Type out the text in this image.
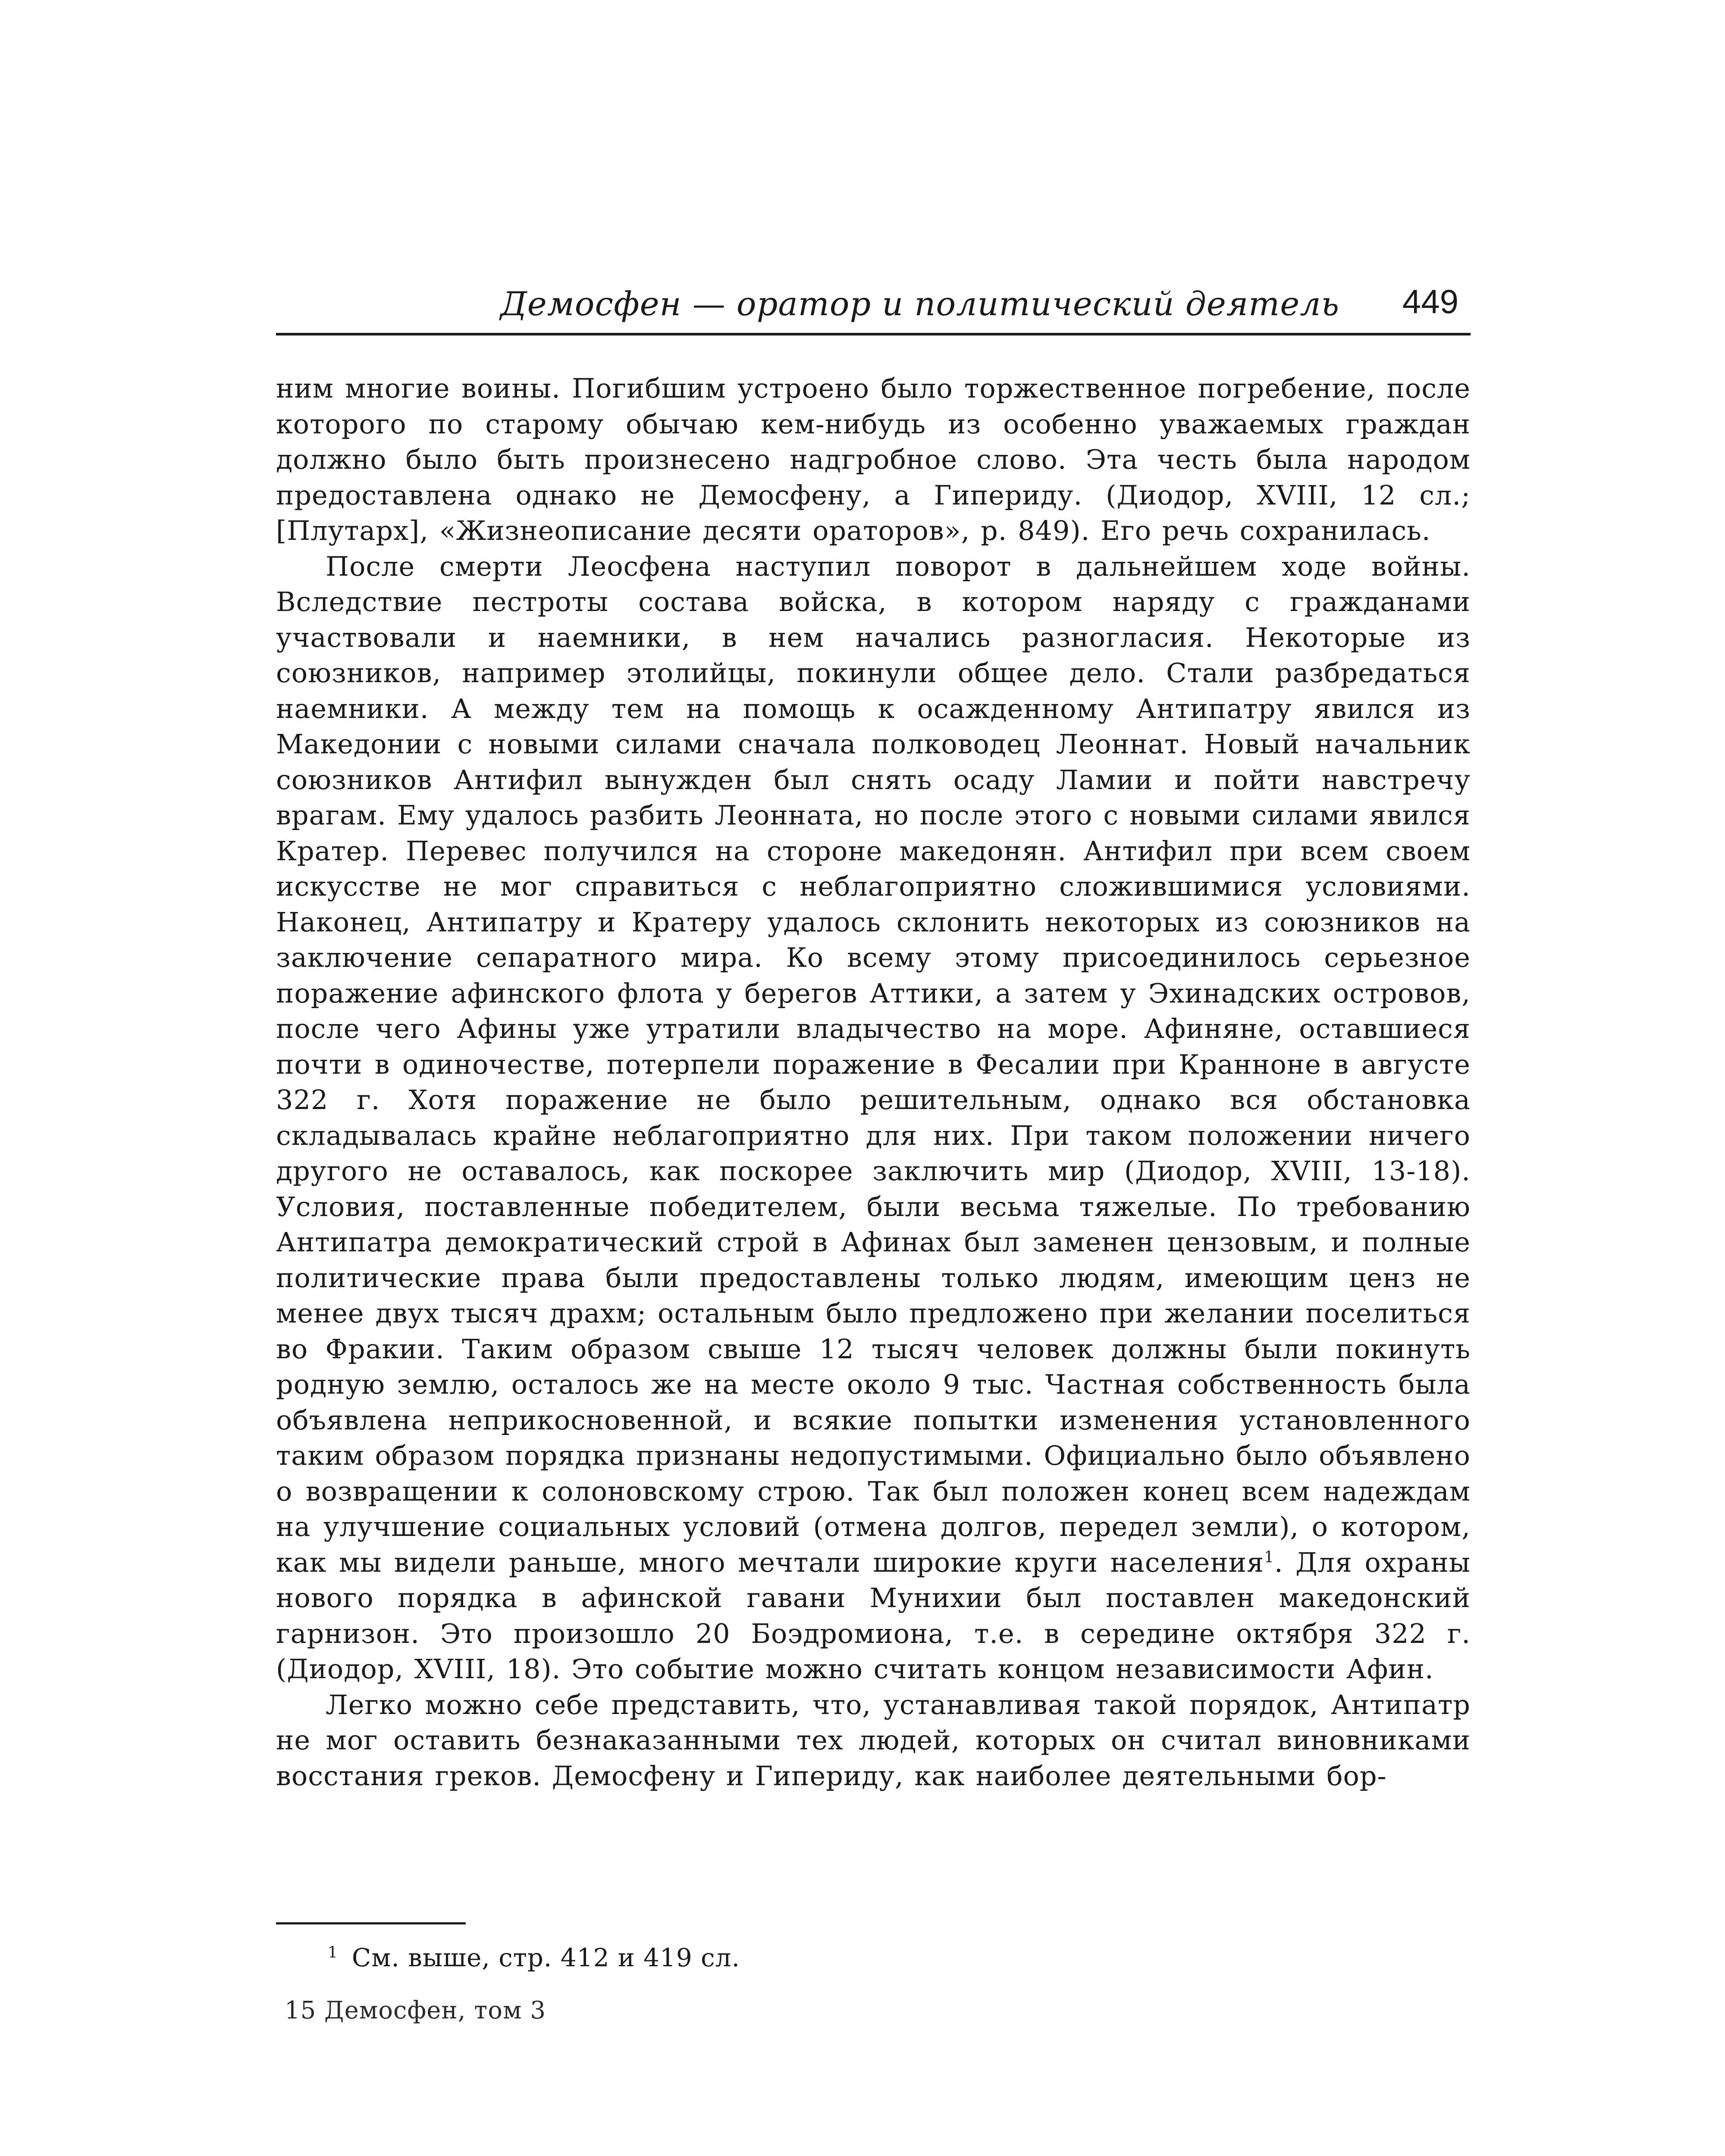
Демосфен — оратор и политический деятель 449

ним многие воины. Погибшим устроено было торжественное погребение, после которого по старому обычаю кем-нибудь из особенно уважаемых граждан должно было быть произнесено надгробное слово. Эта честь была народом предоставлена однако не Демосфену, а Гипериду. (Диодор, XVIII, 12 сл.; [Плутарх], «Жизнеописание десяти ораторов», p. 849). Его речь сохранилась.

После смерти Леосфена наступил поворот в дальнейшем ходе войны. Вследствие пестроты состава войска, в котором наряду с гражданами участвовали и наемники, в нем начались разногласия. Некоторые из союзников, например этолийцы, покинули общее дело. Стали разбредаться наемники. А между тем на помощь к осажденному Антипатру явился из Македонии с новыми силами сначала полководец Леоннат. Новый начальник союзников Антифил вынужден был снять осаду Ламии и пойти навстречу врагам. Ему удалось разбить Леонната, но после этого с новыми силами явился Кратер. Перевес получился на стороне македонян. Антифил при всем своем искусстве не мог справиться с неблагоприятно сложившимися условиями. Наконец, Антипатру и Кратеру удалось склонить некоторых из союзников на заключение сепаратного мира. Ко всему этому присоединилось серьезное поражение афинского флота у берегов Аттики, а затем у Эхинадских островов, после чего Афины уже утратили владычество на море. Афиняне, оставшиеся почти в одиночестве, потерпели поражение в Фесалии при Кранноне в августе 322 г. Хотя поражение не было решительным, однако вся обстановка складывалась крайне неблагоприятно для них. При таком положении ничего другого не оставалось, как поскорее заключить мир (Диодор, XVIII, 13-18). Условия, поставленные победителем, были весьма тяжелые. По требованию Антипатра демократический строй в Афинах был заменен цензовым, и полные политические права были предоставлены только людям, имеющим ценз не менее двух тысяч драхм; остальным было предложено при желании поселиться во Фракии. Таким образом свыше 12 тысяч человек должны были покинуть родную землю, осталось же на месте около 9 тыс. Частная собственность была объявлена неприкосновенной, и всякие попытки изменения установленного таким образом порядка признаны недопустимыми. Официально было объявлено о возвращении к солоновскому строю. Так был положен конец всем надеждам на улучшение социальных условий (отмена долгов, передел земли), о котором, как мы видели раньше, много мечтали широкие круги населения$^1$. Для охраны нового порядка в афинской гавани Мунихии был поставлен македонский гарнизон. Это произошло 20 Боэдромиона, т.е. в середине октября 322 г. (Диодор, XVIII, 18). Это событие можно считать концом независимости Афин.

Легко можно себе представить, что, устанавливая такой порядок, Антипатр не мог оставить безнаказанными тех людей, которых он считал виновниками восстания греков. Демосфену и Гипериду, как наиболее деятельными бор-

$^1$ См. выше, стр. 412 и 419 сл.
15 Демосфен, том 3
